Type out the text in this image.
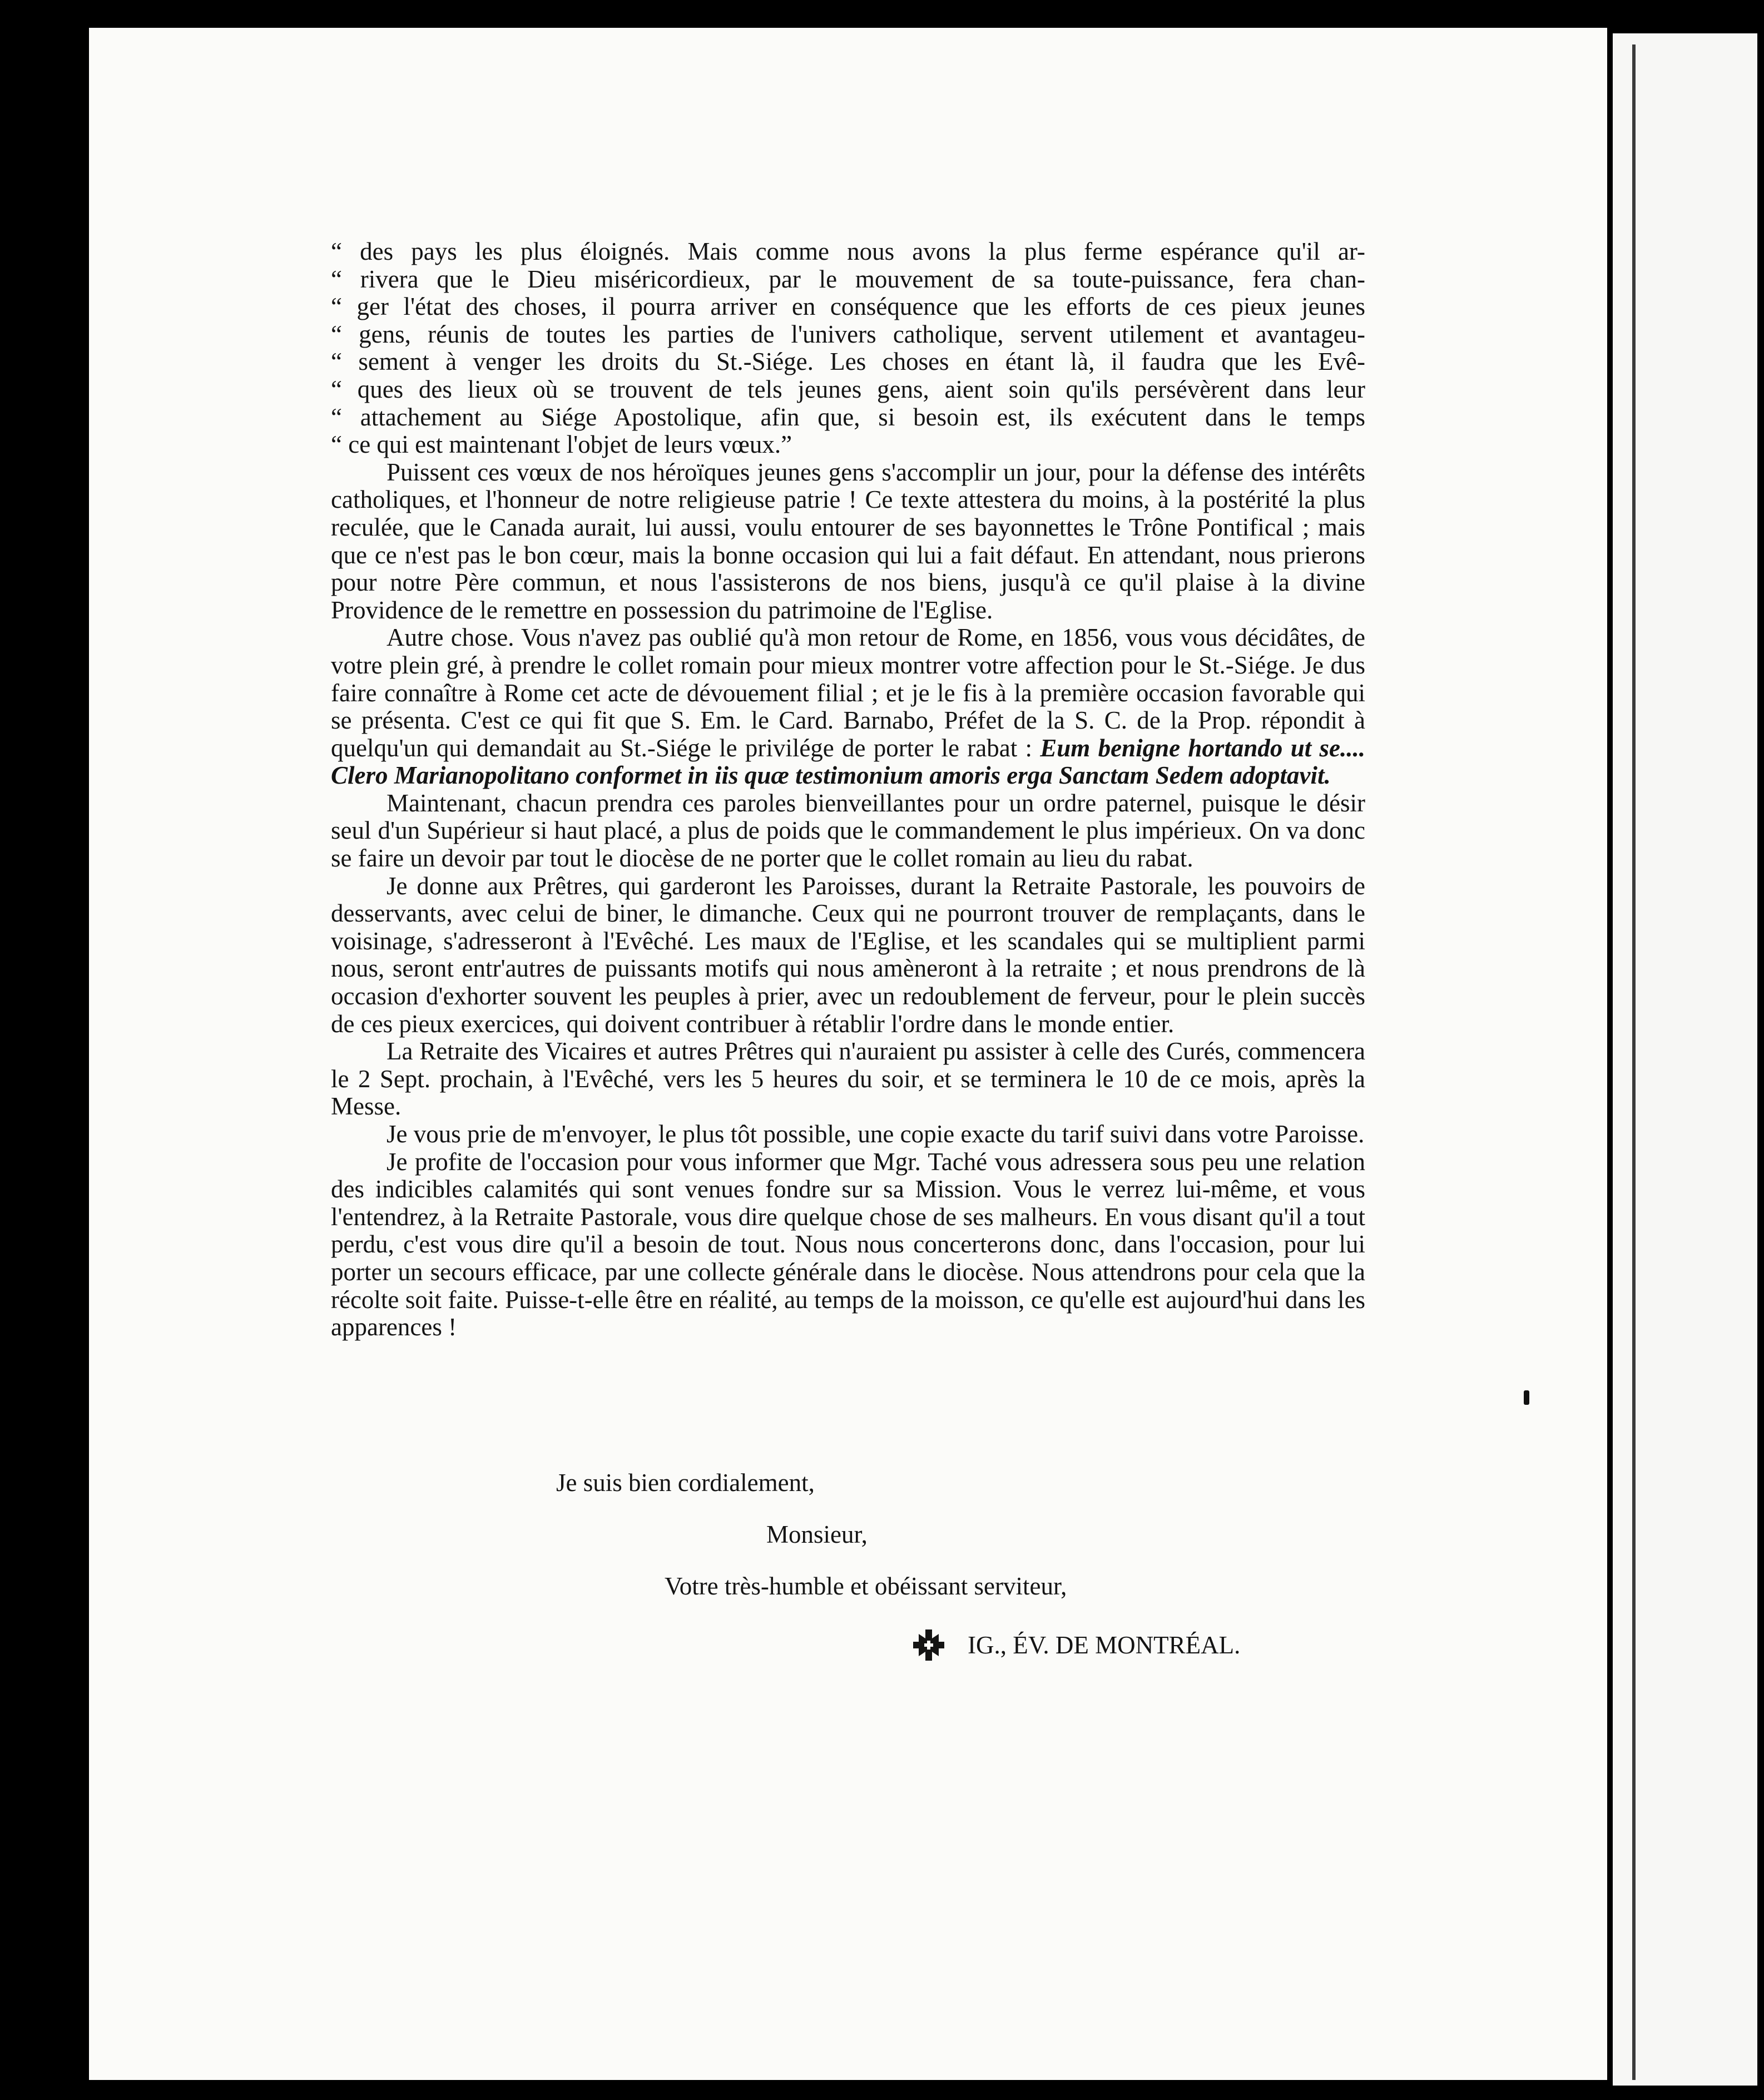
“ des pays les plus éloignés. Mais comme nous avons la plus ferme espérance qu'il ar-
“ rivera que le Dieu miséricordieux, par le mouvement de sa toute-puissance, fera chan-
“ ger l'état des choses, il pourra arriver en conséquence que les efforts de ces pieux jeunes
“ gens, réunis de toutes les parties de l'univers catholique, servent utilement et avantageu-
“ sement à venger les droits du St.-Siége. Les choses en étant là, il faudra que les Evê-
“ ques des lieux où se trouvent de tels jeunes gens, aient soin qu'ils persévèrent dans leur
“ attachement au Siége Apostolique, afin que, si besoin est, ils exécutent dans le temps
“ ce qui est maintenant l'objet de leurs vœux.”

Puissent ces vœux de nos héroïques jeunes gens s'accomplir un jour, pour la défense des intérêts catholiques, et l'honneur de notre religieuse patrie ! Ce texte attestera du moins, à la postérité la plus reculée, que le Canada aurait, lui aussi, voulu entourer de ses bayonnettes le Trône Pontifical ; mais que ce n'est pas le bon cœur, mais la bonne occasion qui lui a fait défaut. En attendant, nous prierons pour notre Père commun, et nous l'assisterons de nos biens, jusqu'à ce qu'il plaise à la divine Providence de le remettre en possession du patrimoine de l'Eglise.

Autre chose. Vous n'avez pas oublié qu'à mon retour de Rome, en 1856, vous vous décidâtes, de votre plein gré, à prendre le collet romain pour mieux montrer votre affection pour le St.-Siége. Je dus faire connaître à Rome cet acte de dévouement filial ; et je le fis à la première occasion favorable qui se présenta. C'est ce qui fit que S. Em. le Card. Barnabo, Préfet de la S. C. de la Prop. répondit à quelqu'un qui demandait au St.-Siége le privilége de porter le rabat : Eum benigne hortando ut se.... Clero Marianopolitano conformet in iis quæ testimonium amoris erga Sanctam Sedem adoptavit.

Maintenant, chacun prendra ces paroles bienveillantes pour un ordre paternel, puisque le désir seul d'un Supérieur si haut placé, a plus de poids que le commandement le plus impérieux. On va donc se faire un devoir par tout le diocèse de ne porter que le collet romain au lieu du rabat.

Je donne aux Prêtres, qui garderont les Paroisses, durant la Retraite Pastorale, les pouvoirs de desservants, avec celui de biner, le dimanche. Ceux qui ne pourront trouver de remplaçants, dans le voisinage, s'adresseront à l'Evêché. Les maux de l'Eglise, et les scandales qui se multiplient parmi nous, seront entr'autres de puissants motifs qui nous amèneront à la retraite ; et nous prendrons de là occasion d'exhorter souvent les peuples à prier, avec un redoublement de ferveur, pour le plein succès de ces pieux exercices, qui doivent contribuer à rétablir l'ordre dans le monde entier.

La Retraite des Vicaires et autres Prêtres qui n'auraient pu assister à celle des Curés, commencera le 2 Sept. prochain, à l'Evêché, vers les 5 heures du soir, et se terminera le 10 de ce mois, après la Messe.

Je vous prie de m'envoyer, le plus tôt possible, une copie exacte du tarif suivi dans votre Paroisse.

Je profite de l'occasion pour vous informer que Mgr. Taché vous adressera sous peu une relation des indicibles calamités qui sont venues fondre sur sa Mission. Vous le verrez lui-même, et vous l'entendrez, à la Retraite Pastorale, vous dire quelque chose de ses malheurs. En vous disant qu'il a tout perdu, c'est vous dire qu'il a besoin de tout. Nous nous concerterons donc, dans l'occasion, pour lui porter un secours efficace, par une collecte générale dans le diocèse. Nous attendrons pour cela que la récolte soit faite. Puisse-t-elle être en réalité, au temps de la moisson, ce qu'elle est aujourd'hui dans les apparences !

Je suis bien cordialement,
Monsieur,
Votre très-humble et obéissant serviteur,
IG., ÉV. DE MONTRÉAL.
